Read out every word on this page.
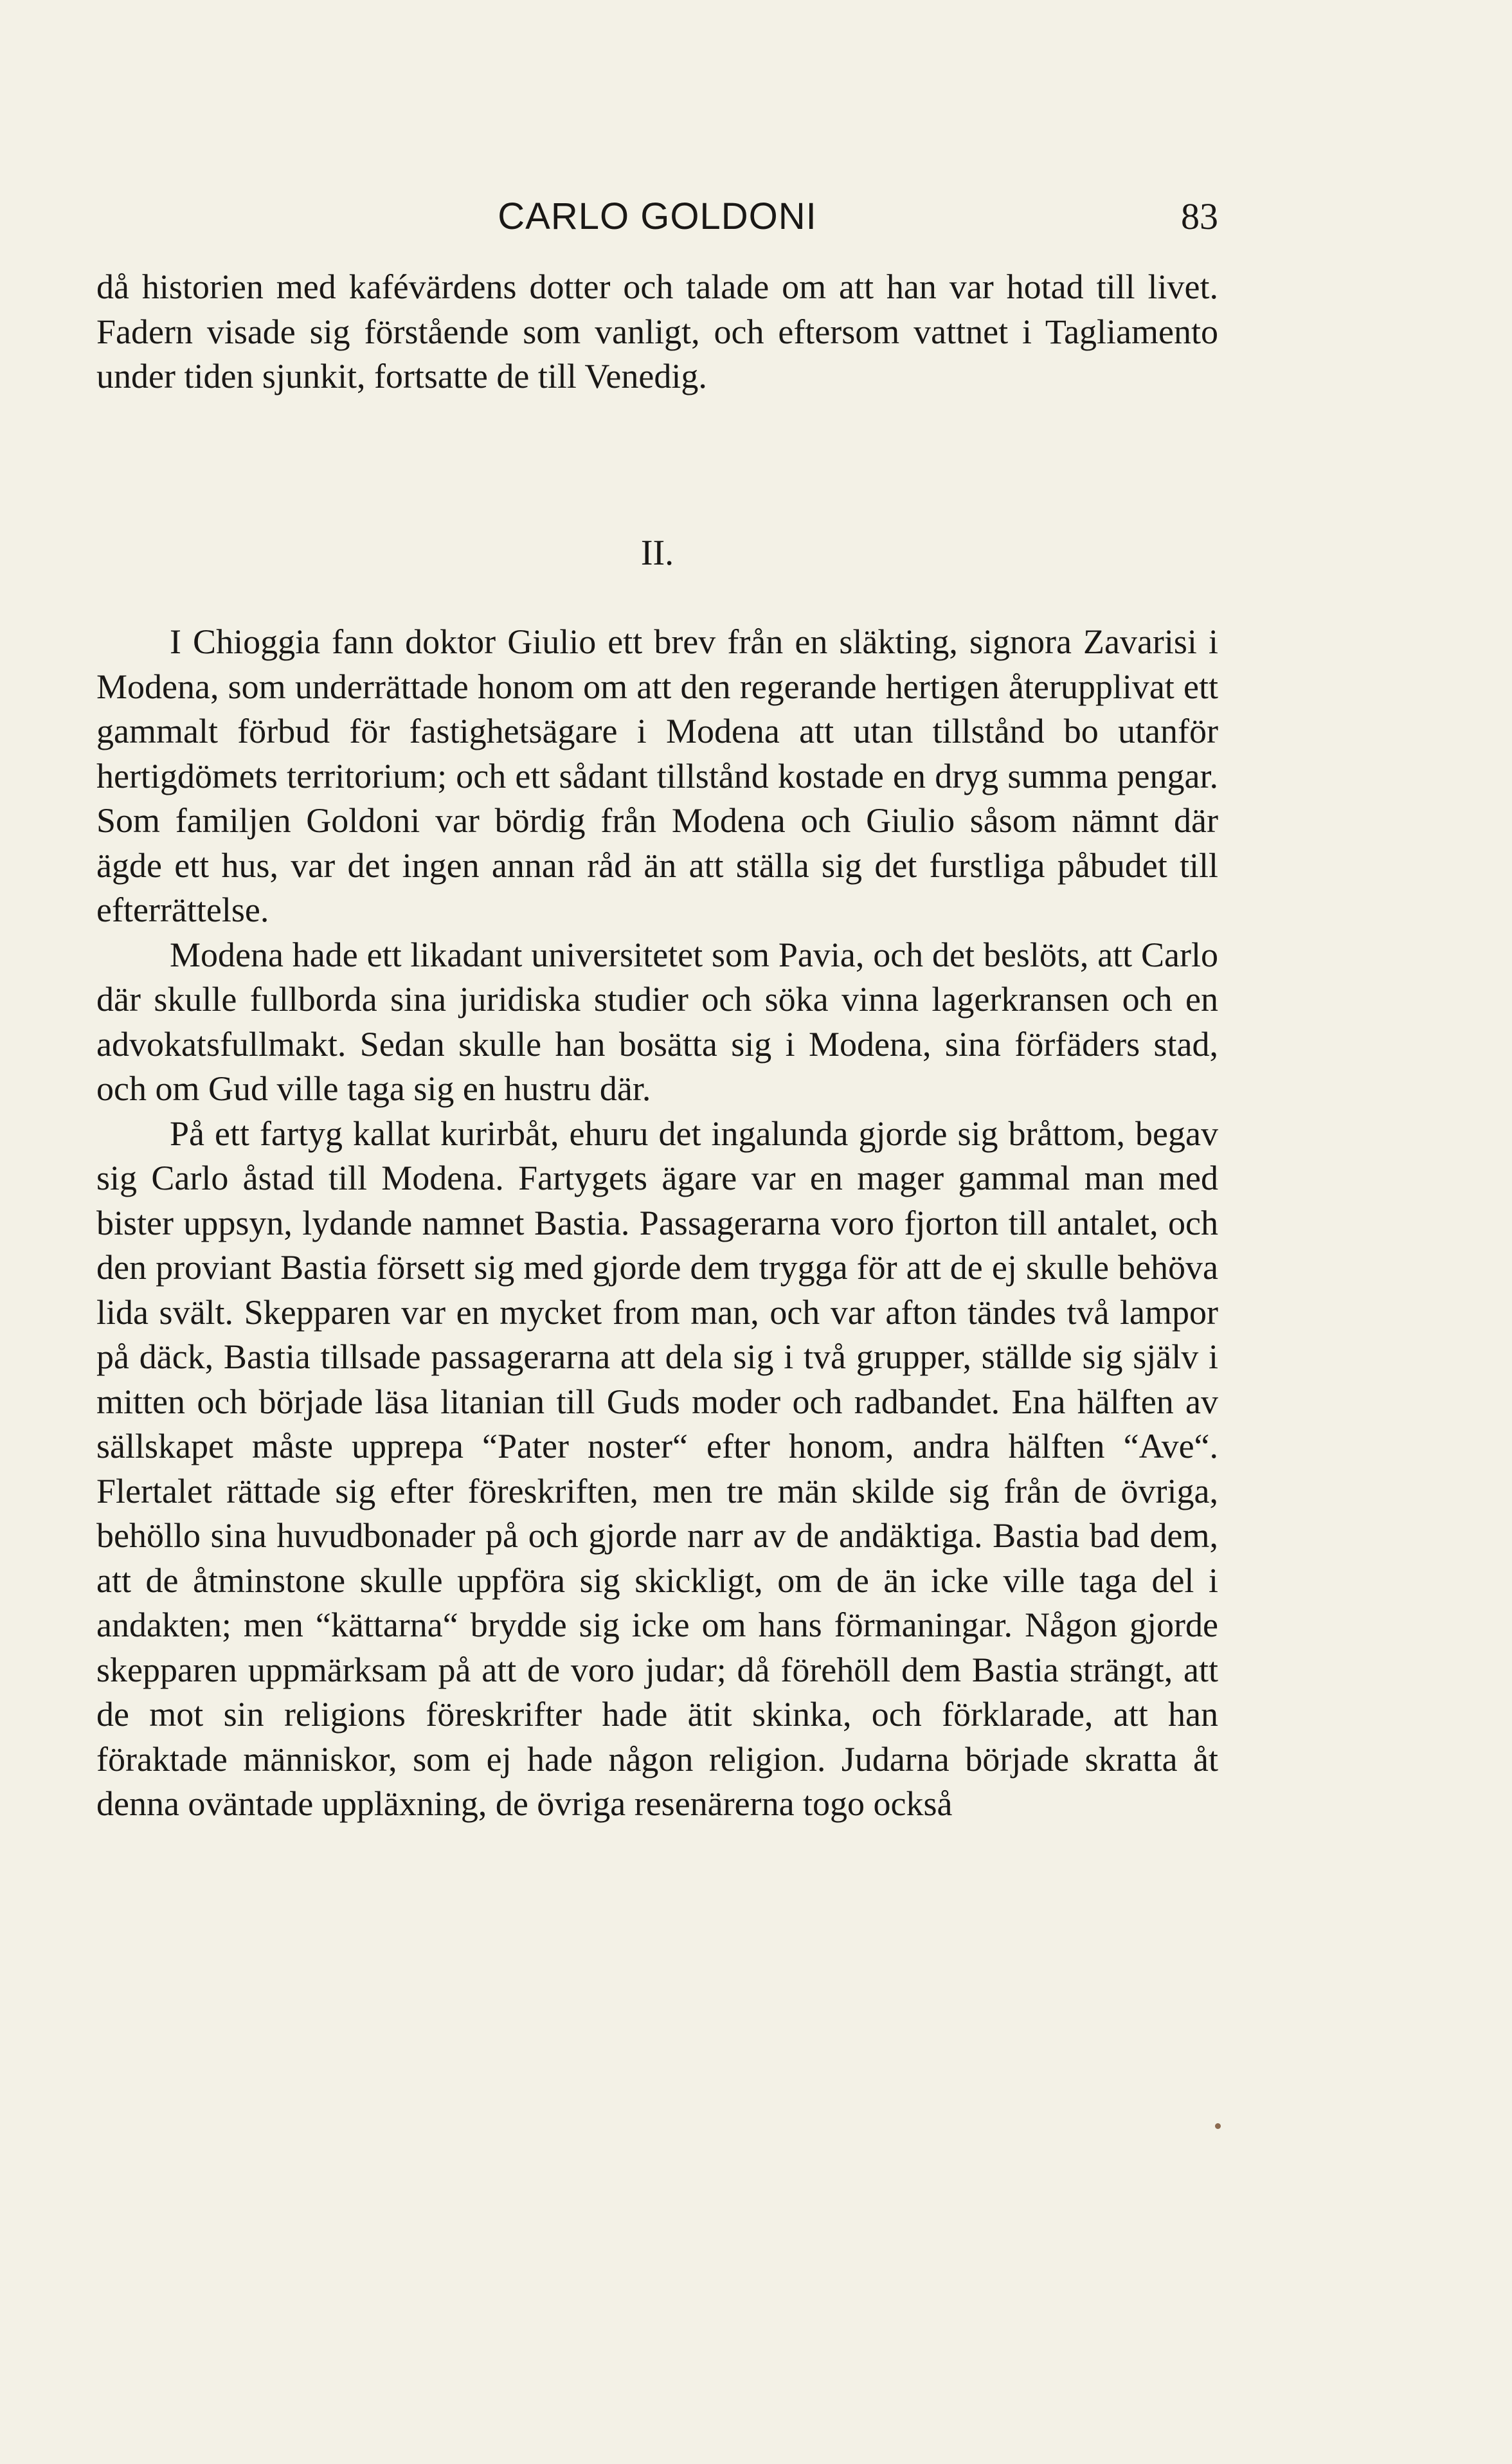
CARLO GOLDONI	83

då historien med kafévärdens dotter och talade om att han var hotad till livet. Fadern visade sig förstående som vanligt, och eftersom vattnet i Tagliamento under tiden sjunkit, fortsatte de till Venedig.

II.

I Chioggia fann doktor Giulio ett brev från en släkting, signora Zavarisi i Modena, som underrättade honom om att den regerande hertigen återupplivat ett gammalt förbud för fastighetsägare i Modena att utan tillstånd bo utanför hertigdömets territorium; och ett sådant tillstånd kostade en dryg summa pengar. Som familjen Goldoni var bördig från Modena och Giulio såsom nämnt där ägde ett hus, var det ingen annan råd än att ställa sig det furstliga påbudet till efterrättelse.

Modena hade ett likadant universitetet som Pavia, och det beslöts, att Carlo där skulle fullborda sina juridiska studier och söka vinna lagerkransen och en advokatsfullmakt. Sedan skulle han bosätta sig i Modena, sina förfäders stad, och om Gud ville taga sig en hustru där.

På ett fartyg kallat kurirbåt, ehuru det ingalunda gjorde sig bråttom, begav sig Carlo åstad till Modena. Fartygets ägare var en mager gammal man med bister uppsyn, lydande namnet Bastia. Passagerarna voro fjorton till antalet, och den proviant Bastia försett sig med gjorde dem trygga för att de ej skulle behöva lida svält. Skepparen var en mycket from man, och var afton tändes två lampor på däck, Bastia tillsade passagerarna att dela sig i två grupper, ställde sig själv i mitten och började läsa litanian till Guds moder och radbandet. Ena hälften av sällskapet måste upprepa “Pater noster“ efter honom, andra hälften “Ave“. Flertalet rättade sig efter föreskriften, men tre män skilde sig från de övriga, behöllo sina huvudbonader på och gjorde narr av de andäktiga. Bastia bad dem, att de åtminstone skulle uppföra sig skickligt, om de än icke ville taga del i andakten; men “kättarna“ brydde sig icke om hans förmaningar. Någon gjorde skepparen uppmärksam på att de voro judar; då förehöll dem Bastia strängt, att de mot sin religions föreskrifter hade ätit skinka, och förklarade, att han föraktade människor, som ej hade någon religion. Judarna började skratta åt denna oväntade uppläxning, de övriga resenärerna togo också
